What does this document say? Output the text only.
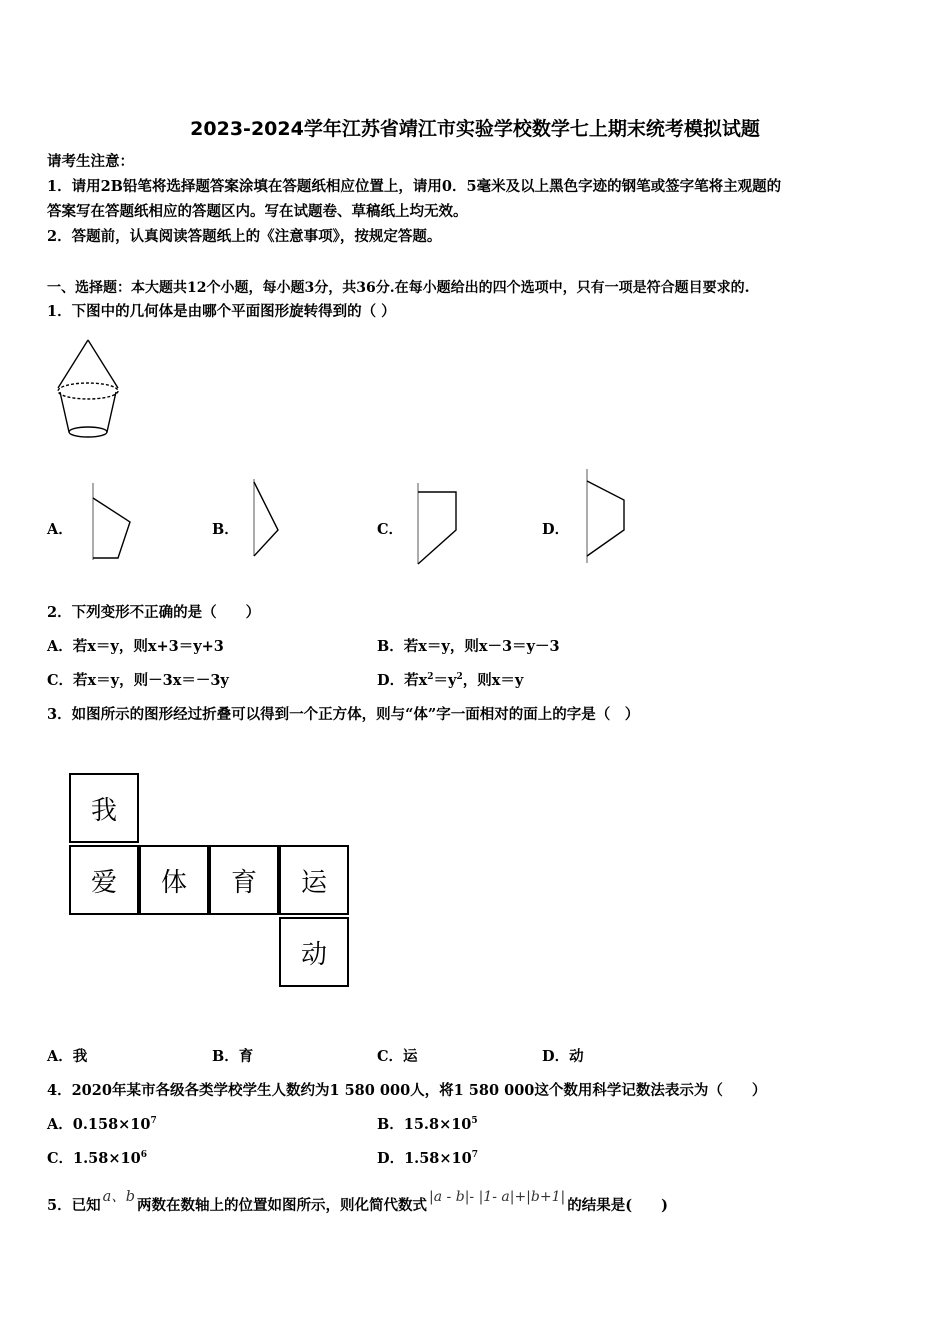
2023-2024学年江苏省靖江市实验学校数学七上期末统考模拟试题
请考生注意：
1．请用2B铅笔将选择题答案涂填在答题纸相应位置上，请用0．5毫米及以上黑色字迹的钢笔或签字笔将主观题的
答案写在答题纸相应的答题区内。写在试题卷、草稿纸上均无效。
2．答题前，认真阅读答题纸上的《注意事项》，按规定答题。
一、选择题：本大题共12个小题，每小题3分，共36分.在每小题给出的四个选项中，只有一项是符合题目要求的.
1．下图中的几何体是由哪个平面图形旋转得到的（ ）
A．	B．	C．	D．
2．下列变形不正确的是（　　）
A．若x＝y，则x+3＝y+3	B．若x＝y，则x－3＝y－3
C．若x＝y，则－3x＝－3y	D．若$x^2=y^2$，则x＝y
3．如图所示的图形经过折叠可以得到一个正方体，则与“体”字一面相对的面上的字是（　）
我
爱	体	育	运
动
A．我	B．育	C．运	D．动
4．2020年某市各级各类学校学生人数约为1 580 000人，将1 580 000这个数用科学记数法表示为（　　）
A．$0.158\times 10^7$	B．$15.8\times 10^5$
C．$1.58\times 10^6$	D．$1.58\times 10^7$
5．已知 a、b 两数在数轴上的位置如图所示，则化简代数式 |a - b|- |1- a|+|b+1| 的结果是(　　)
